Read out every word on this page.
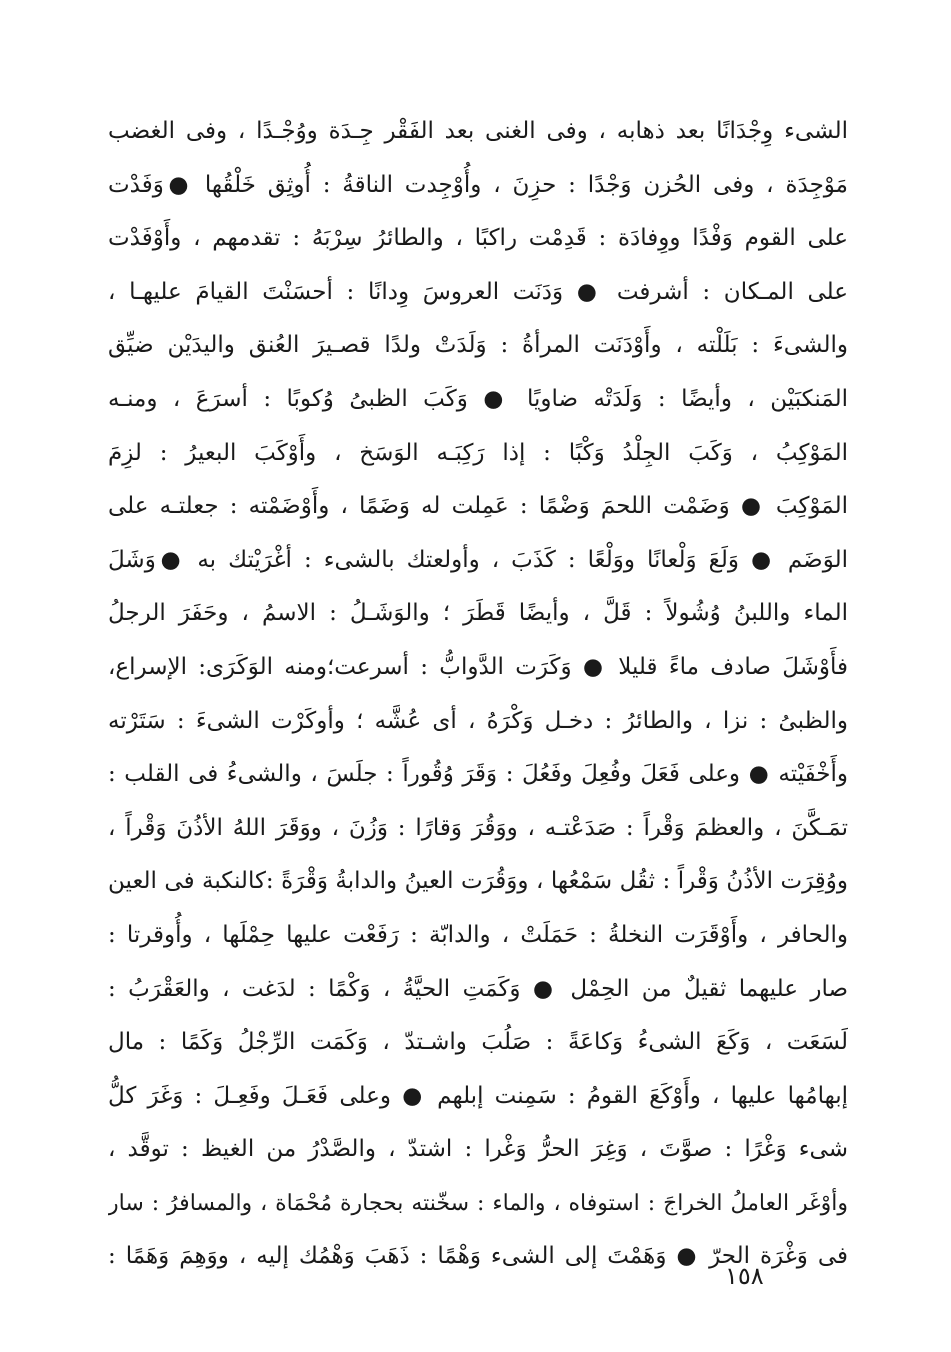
الشىء وِجْدَانًا بعد ذهابه ، وفى الغنى بعد الفَقْر جِـدَة ووُجْـدًا ، وفى الغضب
مَوْجِدَة ، وفى الحُزن وَجْدًا : حزِنَ ، وأُوْجِدت الناقةُ : أُوثِق خَلْقُها ●وَفَدْت
على القوم وَفْدًا ووِفادَة : قَدِمْت راكبًا ، والطائرُ سِرْبَهُ : تقدمهم ، وأَوْفَدْت
على المـكان : أشرفت ● وَدَنَت العروسَ وِدانًا : أحسَنْتَ القيامَ عليهـا ،
والشىءَ : بَلَلْته ، وأَوْدَنَت المرأةُ : وَلَدَتْ ولدًا قصـيرَ العُنق واليدَيْن ضيِّق
المَنكبَيْن ، وأيضًا : وَلَدَتْه ضاويًا ● وَكَبَ الظبىُ وُكوبًا : أسرَعَ ، ومنـه
المَوْكِبُ ، وَكَبَ الجِلْدُ وَكْبًا : إذا رَكِبَـه الوَسَخ ، وأَوْكَبَ البعيرُ : لزِمَ
المَوْكِبَ ● وَضَمْت اللحمَ وَضْمًا : عَمِلت له وَضَمًا ، وأَوْضَمْته : جعلتـه على
الوَضَم ● وَلَعَ وَلْعانًا ووَلْعًا : كَذَبَ ، وأولعتك بالشىء : أغْرَيْتك به ●وَشَلَ
الماء واللبنُ وُشُولاً : قَلَّ ، وأيضًا قَطَرَ ؛ والوَشَـلُ : الاسمُ ، وحَفَرَ الرجلُ
فأَوْشَلَ صادف ماءً قليلا ● وَكَرَت الدَّوابُّ : أسرعت؛ومنه الوَكَرَى: الإسراع،
والظبىُ : نزا ، والطائرُ : دخـل وَكْرَهُ ، أى عُشَّه ؛ وأوكَرْت الشىءَ : سَتَرْته
وأَخْفَيْته ● وعلى فَعَلَ وفُعِلَ وفَعُلَ : وَقَرَ وُقُوراً : جلَسَ ، والشىءُ فى القلب :
تمَـكَّنَ ، والعظمَ وَقْراً : صَدَعْتـه ، ووَقُرَ وَقارًا : وَزُنَ ، ووَقَرَ اللهُ الأذُنَ وَقْراً ،
ووُقِرَت الأذُنُ وَقْراً : ثقُل سَمْعُها ، ووَقُرَت العينُ والدابةُ وَقْرَةً :كالنكبة فى العين
والحافر ، وأَوْقَرَت النخلةُ : حَمَلَتْ ، والدابّة : رَفَعْت عليها حِمْلَها ، وأُوقرتا :
صار عليهما ثقيلٌ من الحِمْل ● وَكَمَتِ الحيَّةُ ، وَكْمًا : لدَغت ، والعَقْرَبُ :
لَسَعَت ، وَكَعَ الشىءُ وَكاعَةً : صَلُبَ واشـتدّ ، وَكَمَت الرِّجْلُ وَكَمًا : مال
إبهامُها عليها ، وأَوْكَعَ القومُ : سَمِنت إبلهم ● وعلى فَعَـلَ وفَعِـلَ : وَغَرَ كلُّ
شىء وَغْرًا : صوَّتَ ، وَغِرَ الحرُّ وَغْرا : اشتدّ ، والصَّدْرُ من الغيظ : توقَّد ،
وأوْغَر العاملُ الخراجَ : استوفاه ، والماء : سخّنته بحجارة مُحْمَاة ، والمسافرُ : سار
فى وَغْرَة الحرّ ● وَهَمْتَ إلى الشىء وَهْمًا : ذَهَبَ وَهْمُك إليه ، ووَهِمَ وَهَمًا :
١٥٨
